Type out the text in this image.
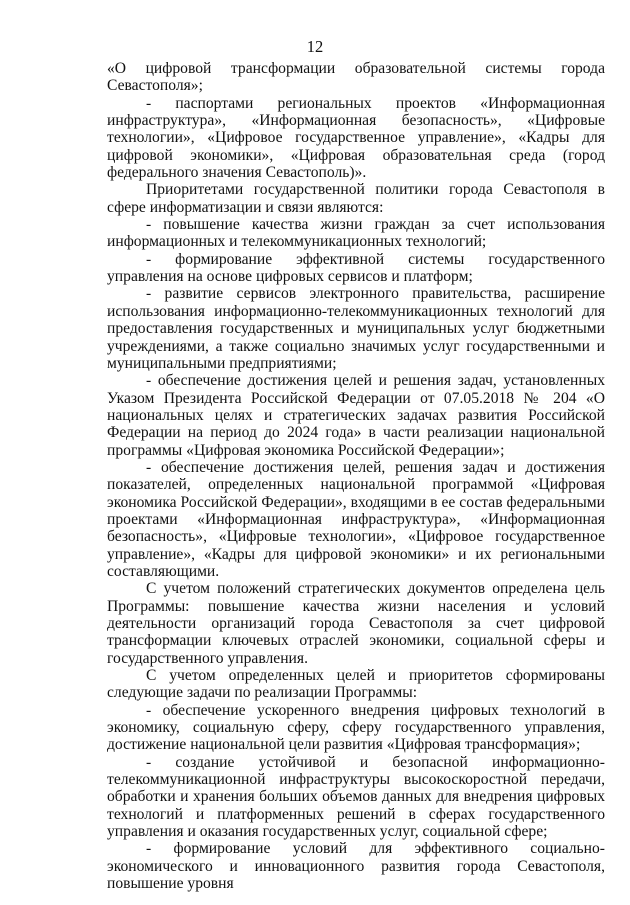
12

«О цифровой трансформации образовательной системы города Севастополя»;

- паспортами региональных проектов «Информационная инфраструктура», «Информационная безопасность», «Цифровые технологии», «Цифровое государственное управление», «Кадры для цифровой экономики», «Цифровая образовательная среда (город федерального значения Севастополь)».

Приоритетами государственной политики города Севастополя в сфере информатизации и связи являются:

- повышение качества жизни граждан за счет использования информационных и телекоммуникационных технологий;

- формирование эффективной системы государственного управления на основе цифровых сервисов и платформ;

- развитие сервисов электронного правительства, расширение использования информационно-телекоммуникационных технологий для предоставления государственных и муниципальных услуг бюджетными учреждениями, а также социально значимых услуг государственными и муниципальными предприятиями;

- обеспечение достижения целей и решения задач, установленных Указом Президента Российской Федерации от 07.05.2018 № 204 «О национальных целях и стратегических задачах развития Российской Федерации на период до 2024 года» в части реализации национальной программы «Цифровая экономика Российской Федерации»;

- обеспечение достижения целей, решения задач и достижения показателей, определенных национальной программой «Цифровая экономика Российской Федерации», входящими в ее состав федеральными проектами «Информационная инфраструктура», «Информационная безопасность», «Цифровые технологии», «Цифровое государственное управление», «Кадры для цифровой экономики» и их региональными составляющими.

С учетом положений стратегических документов определена цель Программы: повышение качества жизни населения и условий деятельности организаций города Севастополя за счет цифровой трансформации ключевых отраслей экономики, социальной сферы и государственного управления.

С учетом определенных целей и приоритетов сформированы следующие задачи по реализации Программы:

- обеспечение ускоренного внедрения цифровых технологий в экономику, социальную сферу, сферу государственного управления, достижение национальной цели развития «Цифровая трансформация»;

- создание устойчивой и безопасной информационно-телекоммуникационной инфраструктуры высокоскоростной передачи, обработки и хранения больших объемов данных для внедрения цифровых технологий и платформенных решений в сферах государственного управления и оказания государственных услуг, социальной сфере;

- формирование условий для эффективного социально-экономического и инновационного развития города Севастополя, повышение уровня
